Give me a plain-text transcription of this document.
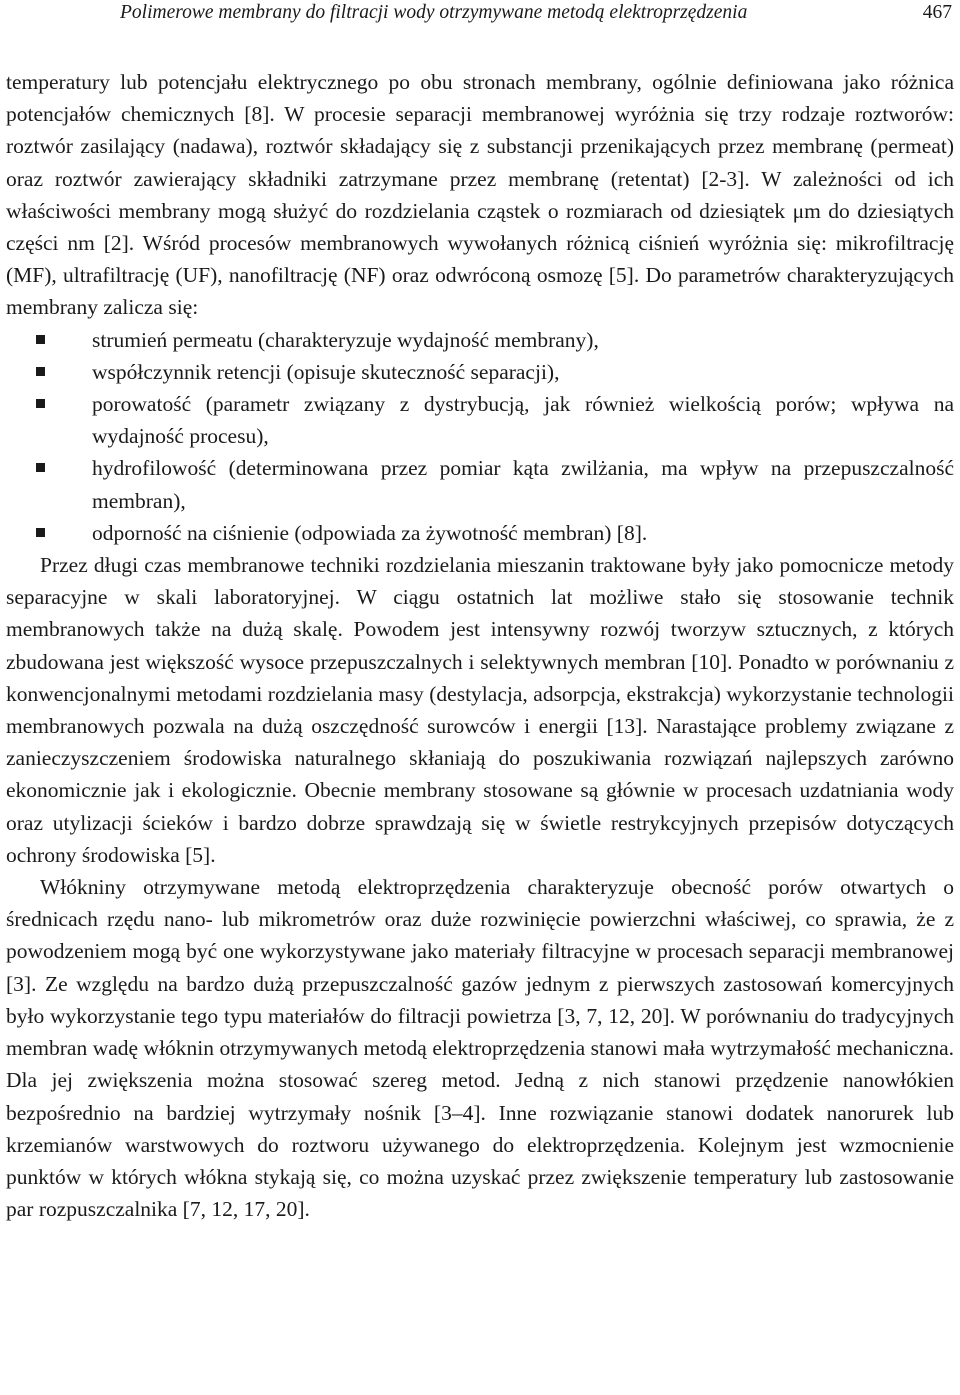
Polimerowe membrany do filtracji wody otrzymywane metodą elektroprzędzenia	467

temperatury lub potencjału elektrycznego po obu stronach membrany, ogólnie definiowana jako różnica potencjałów chemicznych [8]. W procesie separacji membranowej wyróżnia się trzy rodzaje roztworów: roztwór zasilający (nadawa), roztwór składający się z substancji przenikających przez membranę (permeat) oraz roztwór zawierający składniki zatrzymane przez membranę (retentat) [2-3]. W zależności od ich właściwości membrany mogą służyć do rozdzielania cząstek o rozmiarach od dziesiątek μm do dziesiątych części nm [2]. Wśród procesów membranowych wywołanych różnicą ciśnień wyróżnia się: mikrofiltrację (MF), ultrafiltrację (UF), nanofiltrację (NF) oraz odwróconą osmozę [5]. Do parametrów charakteryzujących membrany zalicza się:

strumień permeatu (charakteryzuje wydajność membrany),
współczynnik retencji (opisuje skuteczność separacji),
porowatość (parametr związany z dystrybucją, jak również wielkością porów; wpływa na wydajność procesu),
hydrofilowość (determinowana przez pomiar kąta zwilżania, ma wpływ na przepuszczalność membran),
odporność na ciśnienie (odpowiada za żywotność membran) [8].

Przez długi czas membranowe techniki rozdzielania mieszanin traktowane były jako pomocnicze metody separacyjne w skali laboratoryjnej. W ciągu ostatnich lat możliwe stało się stosowanie technik membranowych także na dużą skalę. Powodem jest intensywny rozwój tworzyw sztucznych, z których zbudowana jest większość wysoce przepuszczalnych i selektywnych membran [10]. Ponadto w porównaniu z konwencjonalnymi metodami rozdzielania masy (destylacja, adsorpcja, ekstrakcja) wykorzystanie technologii membranowych pozwala na dużą oszczędność surowców i energii [13]. Narastające problemy związane z zanieczyszczeniem środowiska naturalnego skłaniają do poszukiwania rozwiązań najlepszych zarówno ekonomicznie jak i ekologicznie. Obecnie membrany stosowane są głównie w procesach uzdatniania wody oraz utylizacji ścieków i bardzo dobrze sprawdzają się w świetle restrykcyjnych przepisów dotyczących ochrony środowiska [5].

Włókniny otrzymywane metodą elektroprzędzenia charakteryzuje obecność porów otwartych o średnicach rzędu nano- lub mikrometrów oraz duże rozwinięcie powierzchni właściwej, co sprawia, że z powodzeniem mogą być one wykorzystywane jako materiały filtracyjne w procesach separacji membranowej [3]. Ze względu na bardzo dużą przepuszczalność gazów jednym z pierwszych zastosowań komercyjnych było wykorzystanie tego typu materiałów do filtracji powietrza [3, 7, 12, 20]. W porównaniu do tradycyjnych membran wadę włóknin otrzymywanych metodą elektroprzędzenia stanowi mała wytrzymałość mechaniczna. Dla jej zwiększenia można stosować szereg metod. Jedną z nich stanowi przędzenie nanowłókien bezpośrednio na bardziej wytrzymały nośnik [3–4]. Inne rozwiązanie stanowi dodatek nanorurek lub krzemianów warstwowych do roztworu używanego do elektroprzędzenia. Kolejnym jest wzmocnienie punktów w których włókna stykają się, co można uzyskać przez zwiększenie temperatury lub zastosowanie par rozpuszczalnika [7, 12, 17, 20].
